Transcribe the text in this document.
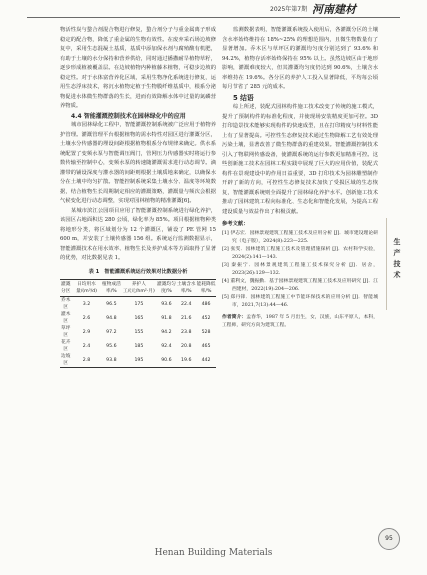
2025年第7期 河南建材

物活性炭与螯合剂混合物进行修复，螯合剂分子与重金属离子形成稳定的配合物，降低了重金属的生物有效性。在废弃采石场边坡修复中，采用生态混凝土基质，基质中添加保水剂与腐殖酸有机肥，有助于土壤的水分保持和营养供给，同时通过播撒耐旱植物草籽，逐步形成植被覆盖层。在边坡植物内种植藤本植物，可稳步边坡的稳定性。对于水体富营养化区域，采用生物净化系统进行修复，运用生态浮床技术，将沉水植物定植于生物膜纤维基质中，根系分泌物促进水体微生物群落的生长，进而有效降解水体中过量的氮磷营养物质。

4.4 智能灌溉控制技术在园林绿化中的应用

城市园林绿化工程中，智能灌溉控制系统被广泛应用于植物养护管理。灌溉管理平台根据植物的需水特性对园区进行灌溉分区，土壤水分传感器的埋设间距根据植物根系分布规律来确定。供水系统配置了变频水泵与智能调压阀门，管网压力传感器实时将运行参数传输至控制中心，变频水泵的转速随灌溉需求进行动态调节。滴灌带的铺设深度与灌水器的间距则根据土壤质地来确定，以确保水分在土壤中均匀扩散。智能控制系统采集土壤水分、温度等环境数据，结合植物生长周期制定相应的灌溉策略，灌溉量与频次会根据气候变化进行动态调整，实现对园林植物的精准灌溉[6]。

某城市滨江公园项目应用了智能灌溉控制系统进行绿化养护，该园区占地面积达 280 公顷，绿化率为 85%。项目根据植物种类将地形分类，将区域划分为 12 个灌溉区，铺设了 PE 管网 15 600 m，并安装了土壤传感器 156 组。系统运行监测数据显示，智能灌溉技术在用水效率、植物生长及养护成本等方面取得了显著的优势，对比数据见表 1。

表 1　智能灌溉系统运行效果对比数据分析
灌溉分区	日均用水量/(m³/d)	植物成活率/%	养护人工/(元/hm²·月)	灌溉均匀度/%	土壤含水率/%	能耗降低率/%
乔木区	3.2	96.5	175	93.6	22.4	486
灌木区	2.6	94.8	165	91.8	21.6	452
草坪区	2.9	97.2	155	94.2	23.8	528
花卉区	2.4	95.6	185	92.4	20.8	465
边坡区	2.8	93.8	195	90.6	19.6	442

监测数据表明，智能灌溉系统投入使用后，各灌溉分区的土壤含水率始终维持在 18%~25% 的理想范围内，且微生物数量有了显著增加。乔木区与草坪区的灌溉均匀度分别达到了 93.6% 和 94.2%，植物存活率始终保持在 95% 以上。虽然边坡区由于地形影响，灌溉难度较大，但其灌溉均匀度仍达到 90.6%，土壤含水率维持在 19.6%。各分区的养护人工投入显著降低，平均每公顷每月节省了 285 元的成本。

5 结语

综上所述，装配式园林构件施工技术改变了传统的施工模式，提升了预制构件的标准化程度，并使现场安装精度更加可控。3D 打印造景技术能够实现构件的快速成型，且在打印精度与材料性能上有了显著提高。可控性生态修复技术通过生物降解工艺有效处理污染土壤，显著改善了微生物群落的重建效果。智能灌溉控制技术引入了物联网传感设备，使灌溉系统的运行参数更加精准可控。这些创新施工技术在园林工程实践中展现了巨大的应用价值，装配式构件在景观建设中的作用日益重要，3D 打印技术为园林雕塑制作开辟了新的方向，可控性生态修复技术加快了受损区域的生态恢复，智能灌溉系统则全面提升了园林绿化养护水平。创新施工技术推动了园林建筑工程向标准化、生态化和智能化发展，为提高工程建设质量与效益作出了积极贡献。

参考文献：
[1] 伊志宏．园林景观建筑工程施工技术及应用分析 [J]．城市建设理论研究（电子版），2024(8):223—225.
[2] 张雯．园林建筑工程施工技术及管理措施探析 [J]．农村科学实验，2024(2):141—143.
[3] 秦振宁．园林景观建筑工程施工技术探究分析 [J]．居舍，2023(26):129—132.
[4] 董利文，魏振勤．基于园林景观建筑工程施工技术及应用研究 [J]．江西建材，2022(19):204—206.
[5] 郑丹锋．园林建筑工程施工中节能环保技术的应用分析 [J]．智能城市，2021,7(13):44—46.
作者简介：孟春华，1987 年 5 月出生，女，汉族，山东平原人，本科，工程师，研究方向为建筑工程。
生产技术
95
Henan Building Materials
